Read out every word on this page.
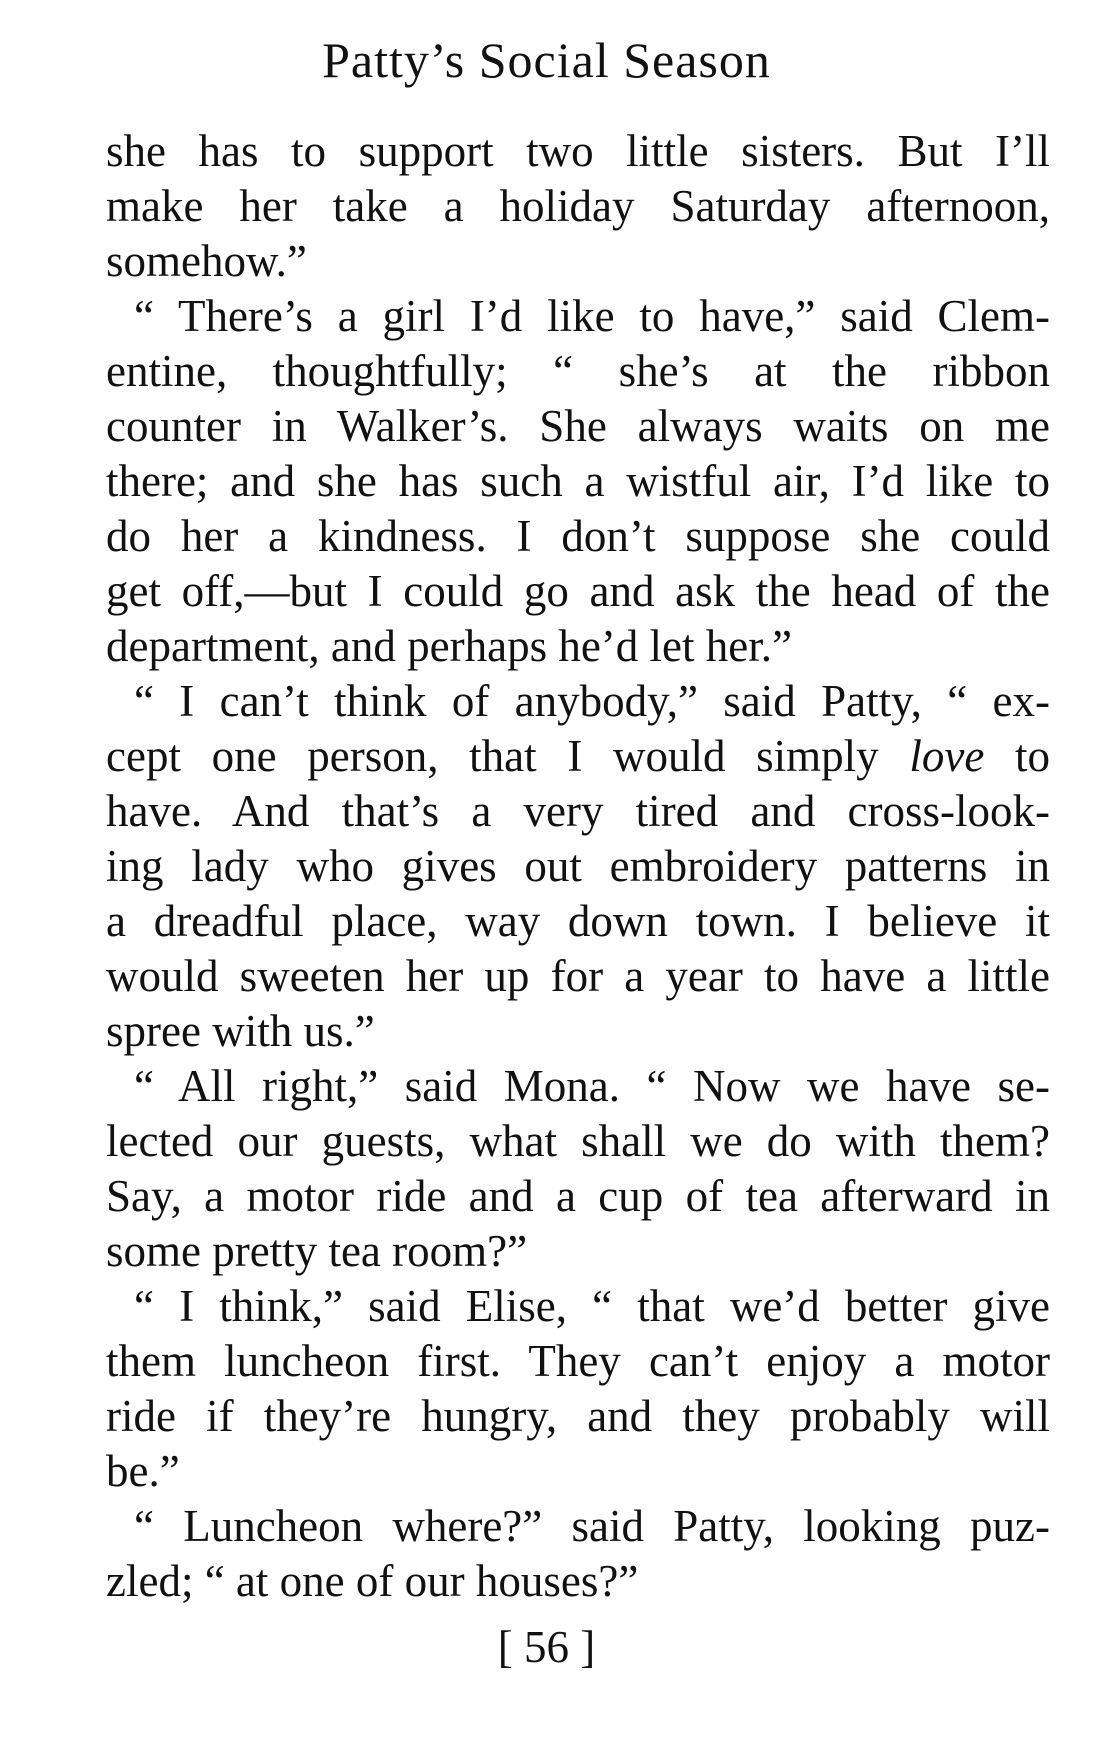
Patty’s Social Season
she has to support two little sisters. But I’ll
make her take a holiday Saturday afternoon,
somehow.”
“ There’s a girl I’d like to have,” said Clem-
entine, thoughtfully; “ she’s at the ribbon
counter in Walker’s. She always waits on me
there; and she has such a wistful air, I’d like to
do her a kindness. I don’t suppose she could
get off,—but I could go and ask the head of the
department, and perhaps he’d let her.”
“ I can’t think of anybody,” said Patty, “ ex-
cept one person, that I would simply love to
have. And that’s a very tired and cross-look-
ing lady who gives out embroidery patterns in
a dreadful place, way down town. I believe it
would sweeten her up for a year to have a little
spree with us.”
“ All right,” said Mona. “ Now we have se-
lected our guests, what shall we do with them?
Say, a motor ride and a cup of tea afterward in
some pretty tea room?”
“ I think,” said Elise, “ that we’d better give
them luncheon first. They can’t enjoy a motor
ride if they’re hungry, and they probably will
be.”
“ Luncheon where?” said Patty, looking puz-
zled; “ at one of our houses?”
[ 56 ]
